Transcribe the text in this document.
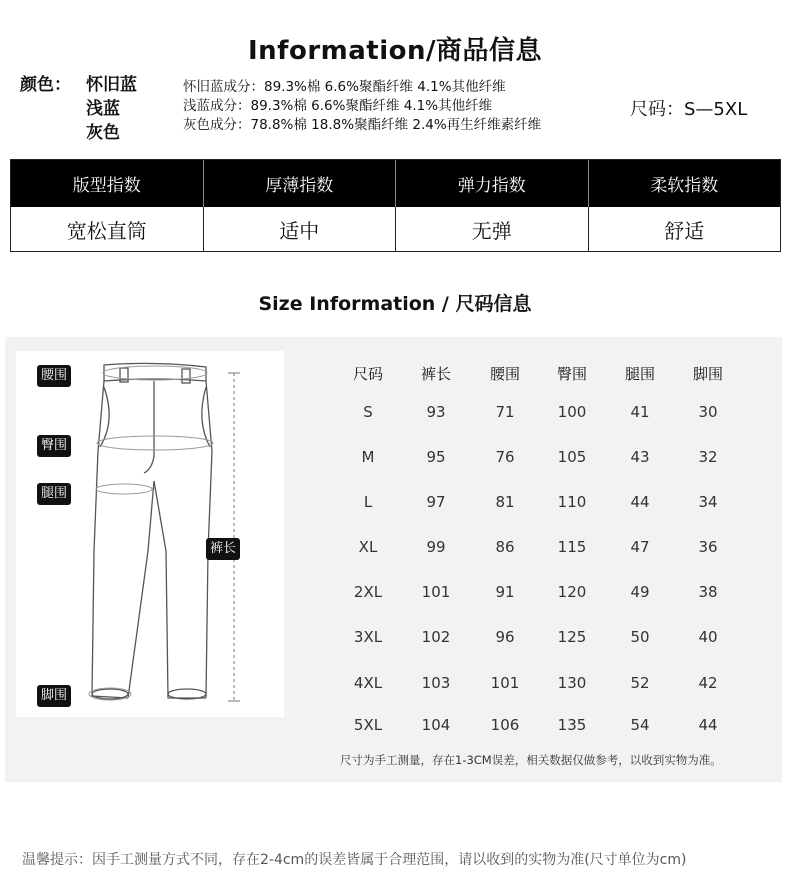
Information/商品信息
颜色： 怀旧蓝
浅蓝
灰色
怀旧蓝成分：89.3%棉 6.6%聚酯纤维 4.1%其他纤维
浅蓝成分：89.3%棉 6.6%聚酯纤维 4.1%其他纤维
灰色成分：78.8%棉 18.8%聚酯纤维 2.4%再生纤维素纤维
尺码：S—5XL
版型指数	厚薄指数	弹力指数	柔软指数
宽松直筒	适中	无弹	舒适
Size Information / 尺码信息
腰围
臀围
腿围
裤长
脚围
尺码	裤长	腰围	臀围	腿围	脚围
S	93	71	100	41	30
M	95	76	105	43	32
L	97	81	110	44	34
XL	99	86	115	47	36
2XL	101	91	120	49	38
3XL	102	96	125	50	40
4XL	103	101	130	52	42
5XL	104	106	135	54	44
尺寸为手工测量，存在1-3CM误差，相关数据仅做参考，以收到实物为准。
温馨提示：因手工测量方式不同，存在2-4cm的误差皆属于合理范围，请以收到的实物为准(尺寸单位为cm)
